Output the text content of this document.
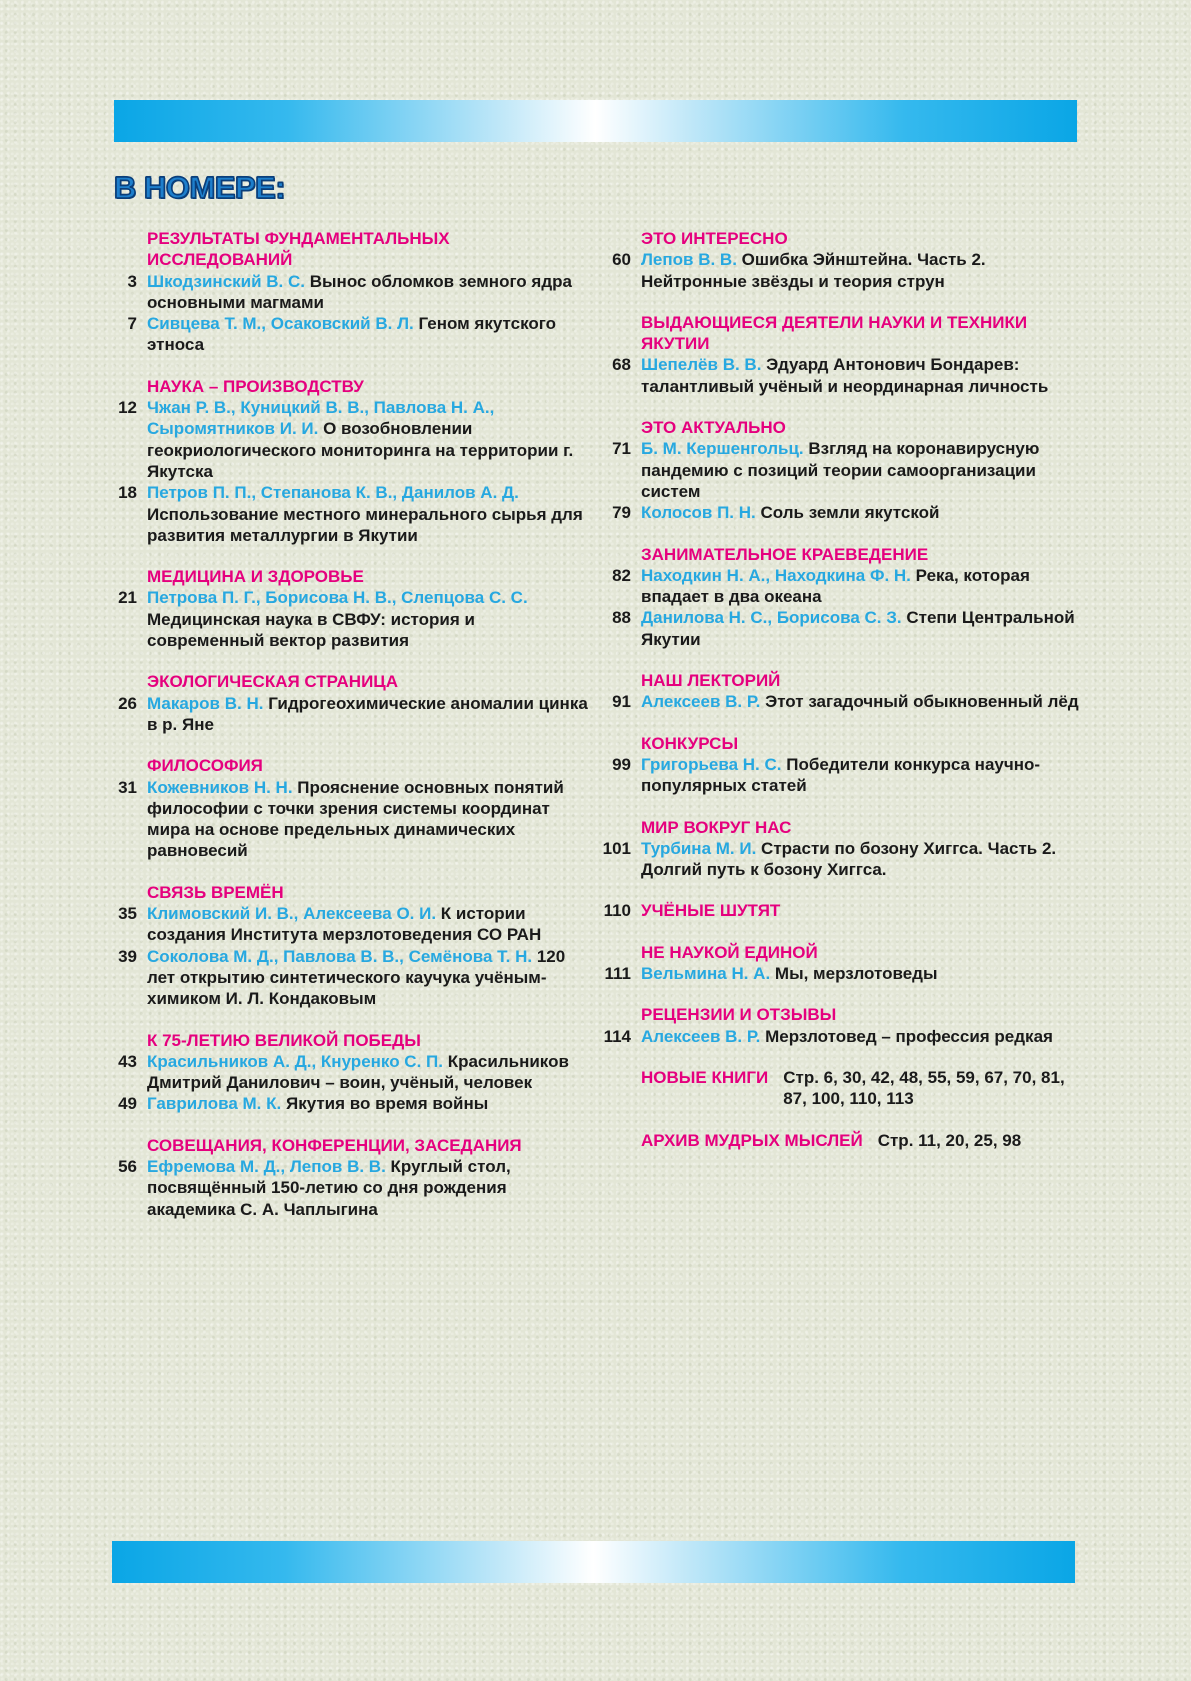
В НОМЕРЕ:

РЕЗУЛЬТАТЫ ФУНДАМЕНТАЛЬНЫХ ИССЛЕДОВАНИЙ

3 Шкодзинский В. С. Вынос обломков земного ядра основными магмами
7 Сивцева Т. М., Осаковский В. Л. Геном якутского этноса

НАУКА – ПРОИЗВОДСТВУ

12 Чжан Р. В., Куницкий В. В., Павлова Н. А., Сыромятников И. И. О возобновлении геокриологического мониторинга на территории г. Якутска
18 Петров П. П., Степанова К. В., Данилов А. Д. Использование местного минерального сырья для развития металлургии в Якутии

МЕДИЦИНА И ЗДОРОВЬЕ

21 Петрова П. Г., Борисова Н. В., Слепцова С. С. Медицинская наука в СВФУ: история и современный вектор развития

ЭКОЛОГИЧЕСКАЯ СТРАНИЦА

26 Макаров В. Н. Гидрогеохимические аномалии цинка в р. Яне

ФИЛОСОФИЯ

31 Кожевников Н. Н. Прояснение основных понятий философии с точки зрения системы координат мира на основе предельных динамических равновесий

СВЯЗЬ ВРЕМЁН

35 Климовский И. В., Алексеева О. И. К истории создания Института мерзлотоведения СО РАН
39 Соколова М. Д., Павлова В. В., Семёнова Т. Н. 120 лет открытию синтетического каучука учёным-химиком И. Л. Кондаковым

К 75-ЛЕТИЮ ВЕЛИКОЙ ПОБЕДЫ

43 Красильников А. Д., Кнуренко С. П. Красильников Дмитрий Данилович – воин, учёный, человек
49 Гаврилова М. К. Якутия во время войны

СОВЕЩАНИЯ, КОНФЕРЕНЦИИ, ЗАСЕДАНИЯ

56 Ефремова М. Д., Лепов В. В. Круглый стол, посвящённый 150-летию со дня рождения академика С. А. Чаплыгина

ЭТО ИНТЕРЕСНО

60 Лепов В. В. Ошибка Эйнштейна. Часть 2. Нейтронные звёзды и теория струн

ВЫДАЮЩИЕСЯ ДЕЯТЕЛИ НАУКИ И ТЕХНИКИ ЯКУТИИ

68 Шепелёв В. В. Эдуард Антонович Бондарев: талантливый учёный и неординарная личность

ЭТО АКТУАЛЬНО

71 Б. М. Кершенгольц. Взгляд на коронавирусную пандемию с позиций теории самоорганизации систем
79 Колосов П. Н. Соль земли якутской

ЗАНИМАТЕЛЬНОЕ КРАЕВЕДЕНИЕ

82 Находкин Н. А., Находкина Ф. Н. Река, которая впадает в два океана
88 Данилова Н. С., Борисова С. З. Степи Центральной Якутии

НАШ ЛЕКТОРИЙ

91 Алексеев В. Р. Этот загадочный обыкновенный лёд

КОНКУРСЫ

99 Григорьева Н. С. Победители конкурса научно-популярных статей

МИР ВОКРУГ НАС

101 Турбина М. И. Страсти по бозону Хиггса. Часть 2. Долгий путь к бозону Хиггса.
110 УЧЁНЫЕ ШУТЯТ

НЕ НАУКОЙ ЕДИНОЙ

111 Вельмина Н. А. Мы, мерзлотоведы

РЕЦЕНЗИИ И ОТЗЫВЫ

114 Алексеев В. Р. Мерзлотовед – профессия редкая
НОВЫЕ КНИГИ Стр. 6, 30, 42, 48, 55, 59, 67, 70, 81, 87, 100, 110, 113
АРХИВ МУДРЫХ МЫСЛЕЙ Стр. 11, 20, 25, 98
